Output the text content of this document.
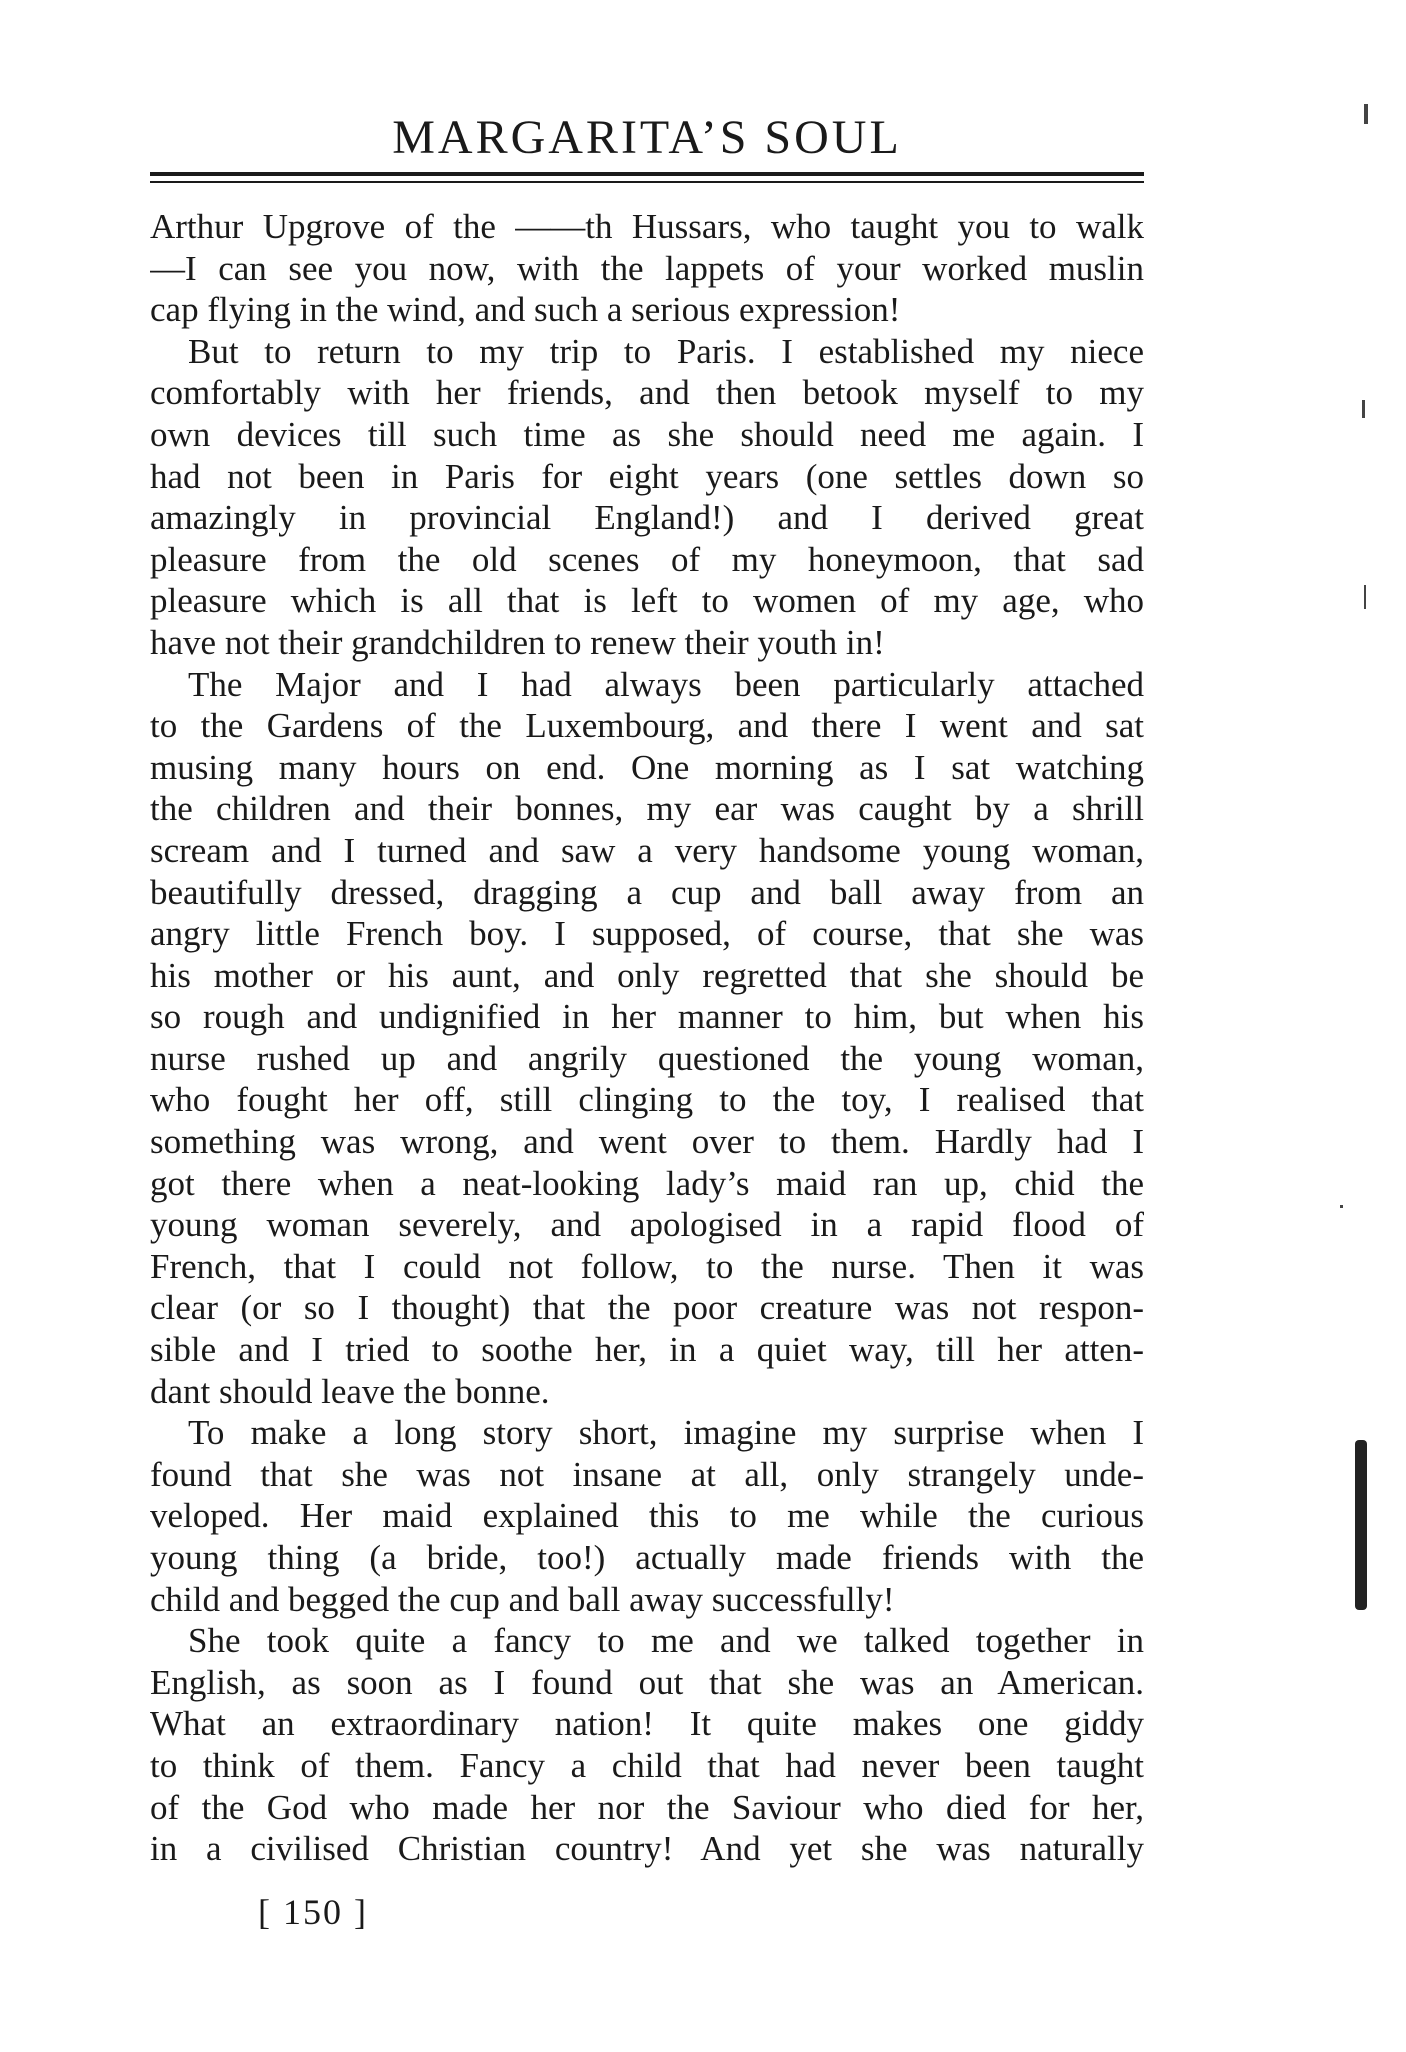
MARGARITA’S SOUL
Arthur Upgrove of the ——th Hussars, who taught you to walk
—I can see you now, with the lappets of your worked muslin
cap flying in the wind, and such a serious expression!
But to return to my trip to Paris. I established my niece
comfortably with her friends, and then betook myself to my
own devices till such time as she should need me again. I
had not been in Paris for eight years (one settles down so
amazingly in provincial England!) and I derived great
pleasure from the old scenes of my honeymoon, that sad
pleasure which is all that is left to women of my age, who
have not their grandchildren to renew their youth in!
The Major and I had always been particularly attached
to the Gardens of the Luxembourg, and there I went and sat
musing many hours on end. One morning as I sat watching
the children and their bonnes, my ear was caught by a shrill
scream and I turned and saw a very handsome young woman,
beautifully dressed, dragging a cup and ball away from an
angry little French boy. I supposed, of course, that she was
his mother or his aunt, and only regretted that she should be
so rough and undignified in her manner to him, but when his
nurse rushed up and angrily questioned the young woman,
who fought her off, still clinging to the toy, I realised that
something was wrong, and went over to them. Hardly had I
got there when a neat-looking lady’s maid ran up, chid the
young woman severely, and apologised in a rapid flood of
French, that I could not follow, to the nurse. Then it was
clear (or so I thought) that the poor creature was not respon-
sible and I tried to soothe her, in a quiet way, till her atten-
dant should leave the bonne.
To make a long story short, imagine my surprise when I
found that she was not insane at all, only strangely unde-
veloped. Her maid explained this to me while the curious
young thing (a bride, too!) actually made friends with the
child and begged the cup and ball away successfully!
She took quite a fancy to me and we talked together in
English, as soon as I found out that she was an American.
What an extraordinary nation! It quite makes one giddy
to think of them. Fancy a child that had never been taught
of the God who made her nor the Saviour who died for her,
in a civilised Christian country! And yet she was naturally
[ 150 ]
